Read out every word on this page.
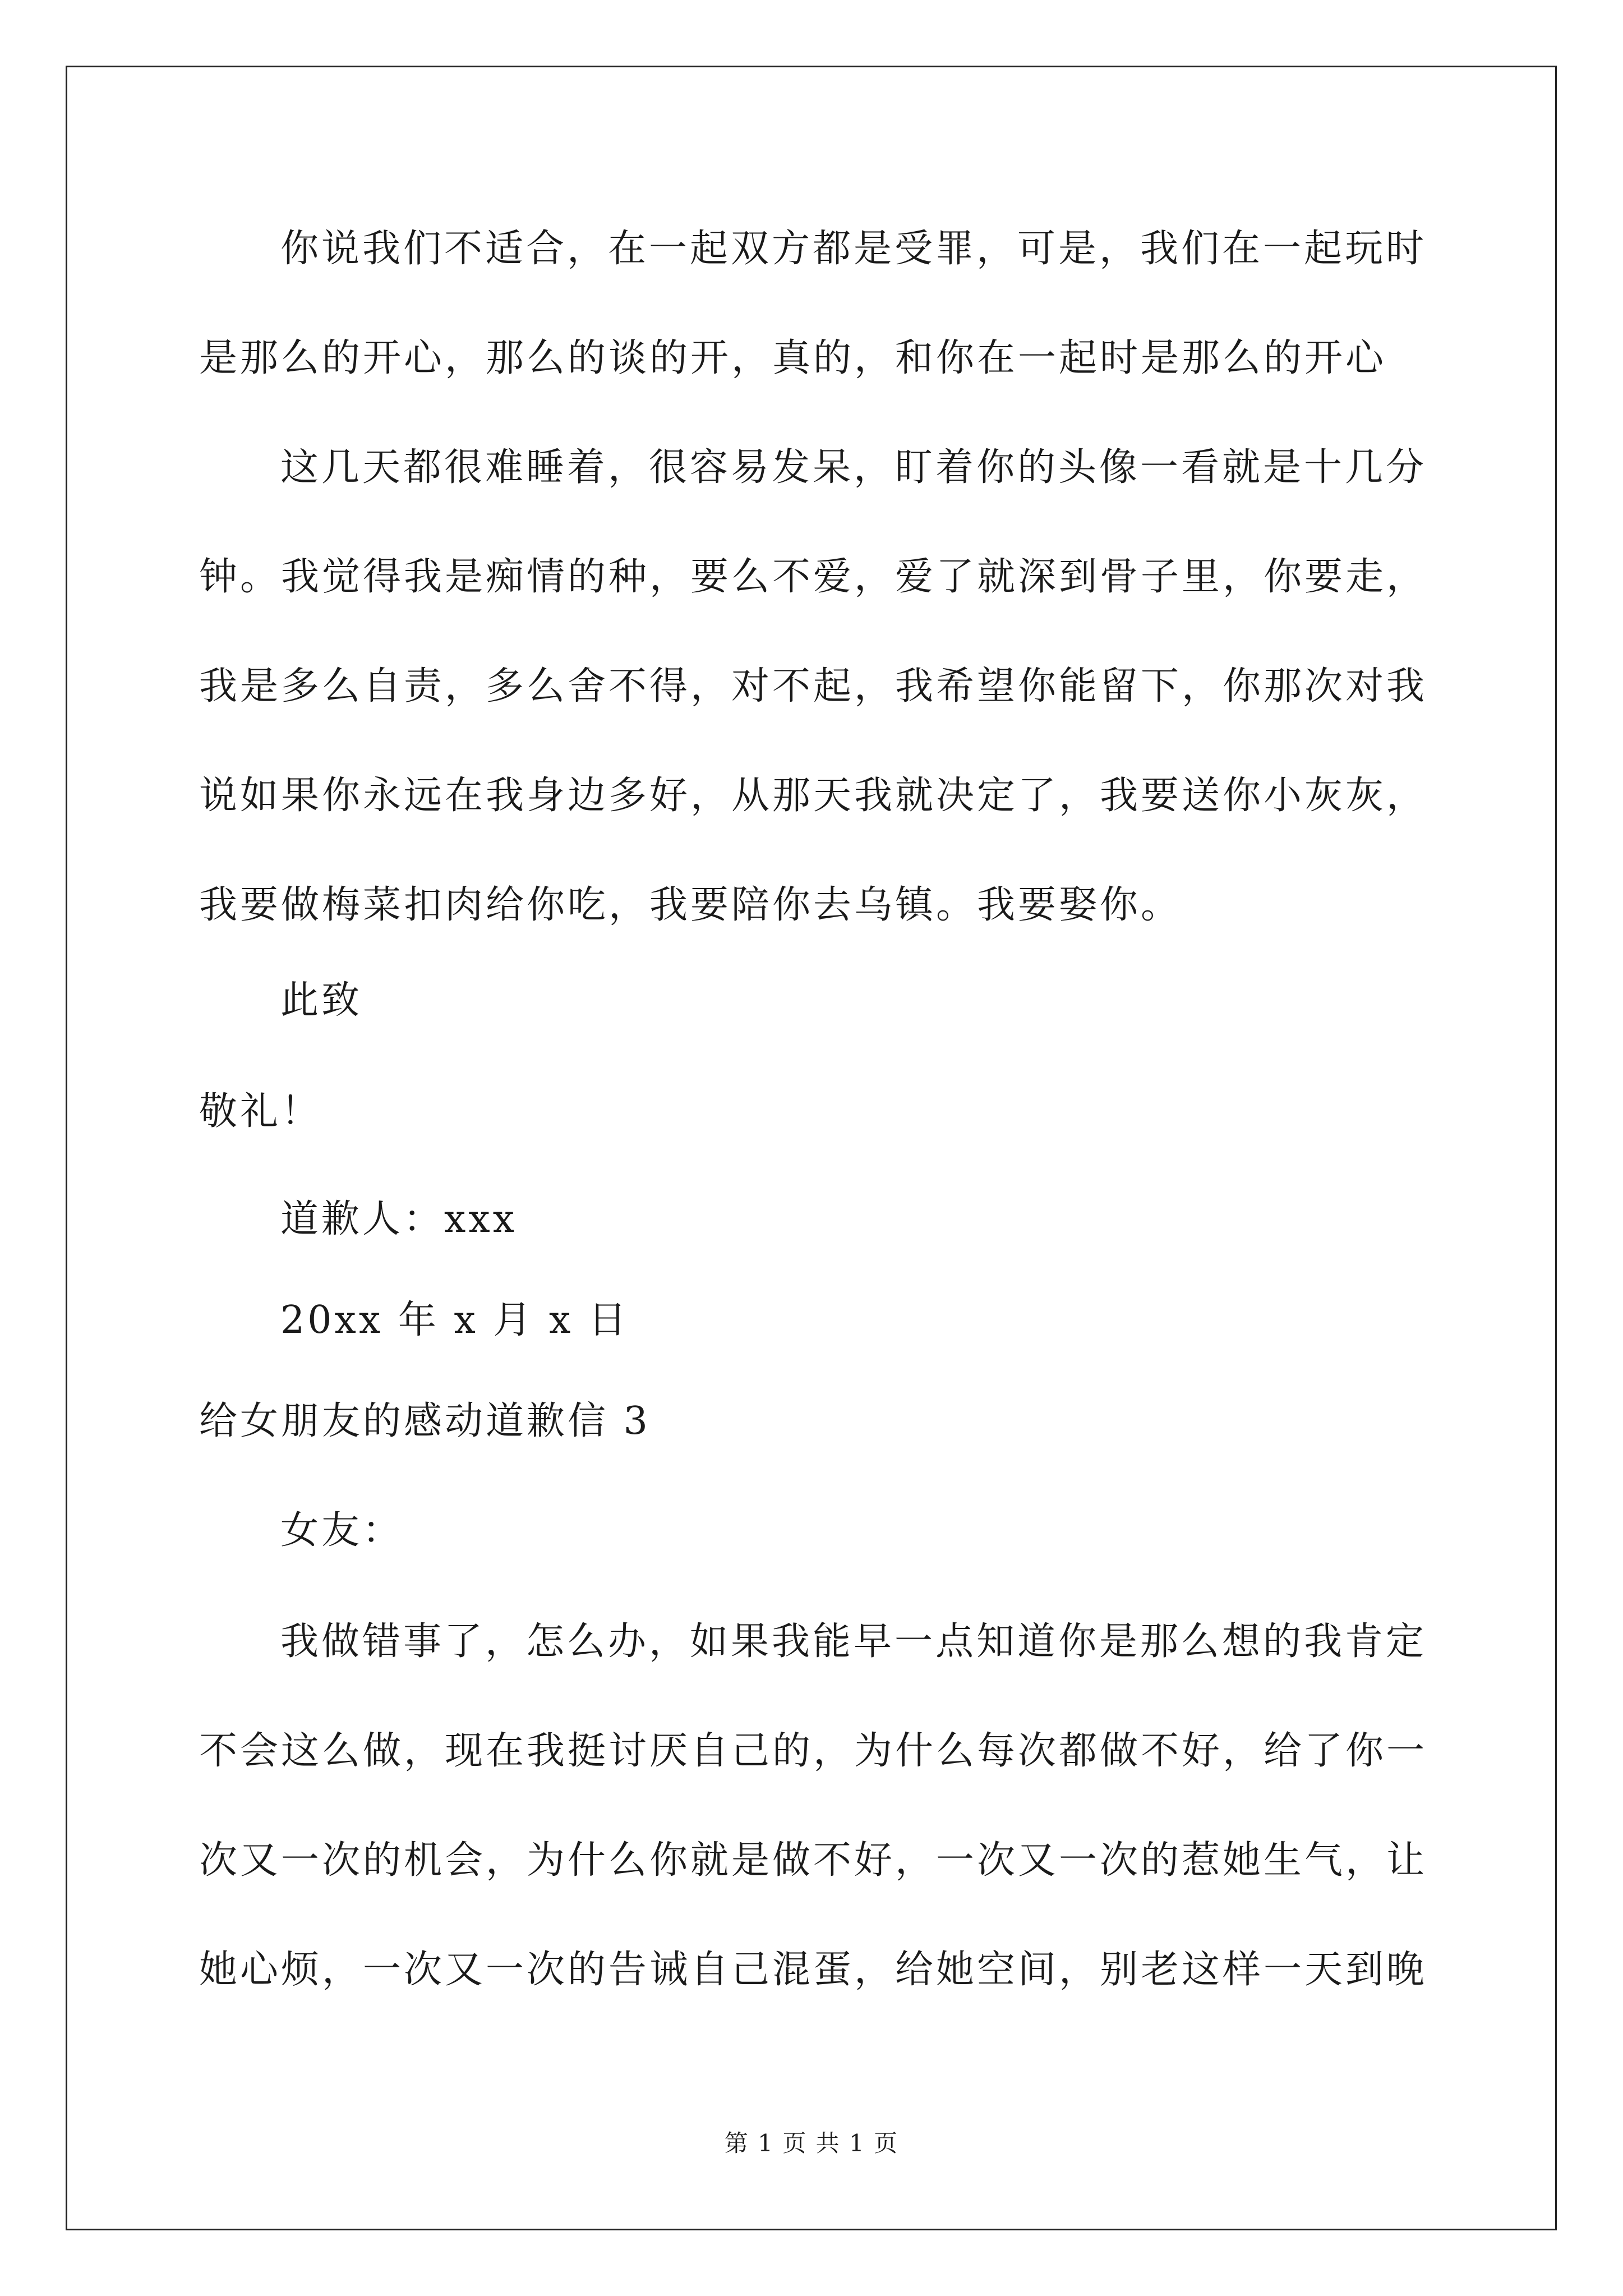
你说我们不适合，在一起双方都是受罪，可是，我们在一起玩时
是那么的开心，那么的谈的开，真的，和你在一起时是那么的开心
这几天都很难睡着，很容易发呆，盯着你的头像一看就是十几分
钟。我觉得我是痴情的种，要么不爱，爱了就深到骨子里，你要走，
我是多么自责，多么舍不得，对不起，我希望你能留下，你那次对我
说如果你永远在我身边多好，从那天我就决定了，我要送你小灰灰，
我要做梅菜扣肉给你吃，我要陪你去乌镇。我要娶你。
此致
敬礼！
道歉人：xxx
20xx 年 x 月 x 日
给女朋友的感动道歉信 3
女友：
我做错事了，怎么办，如果我能早一点知道你是那么想的我肯定
不会这么做，现在我挺讨厌自己的，为什么每次都做不好，给了你一
次又一次的机会，为什么你就是做不好，一次又一次的惹她生气，让
她心烦，一次又一次的告诫自己混蛋，给她空间，别老这样一天到晚
第 1 页 共 1 页
